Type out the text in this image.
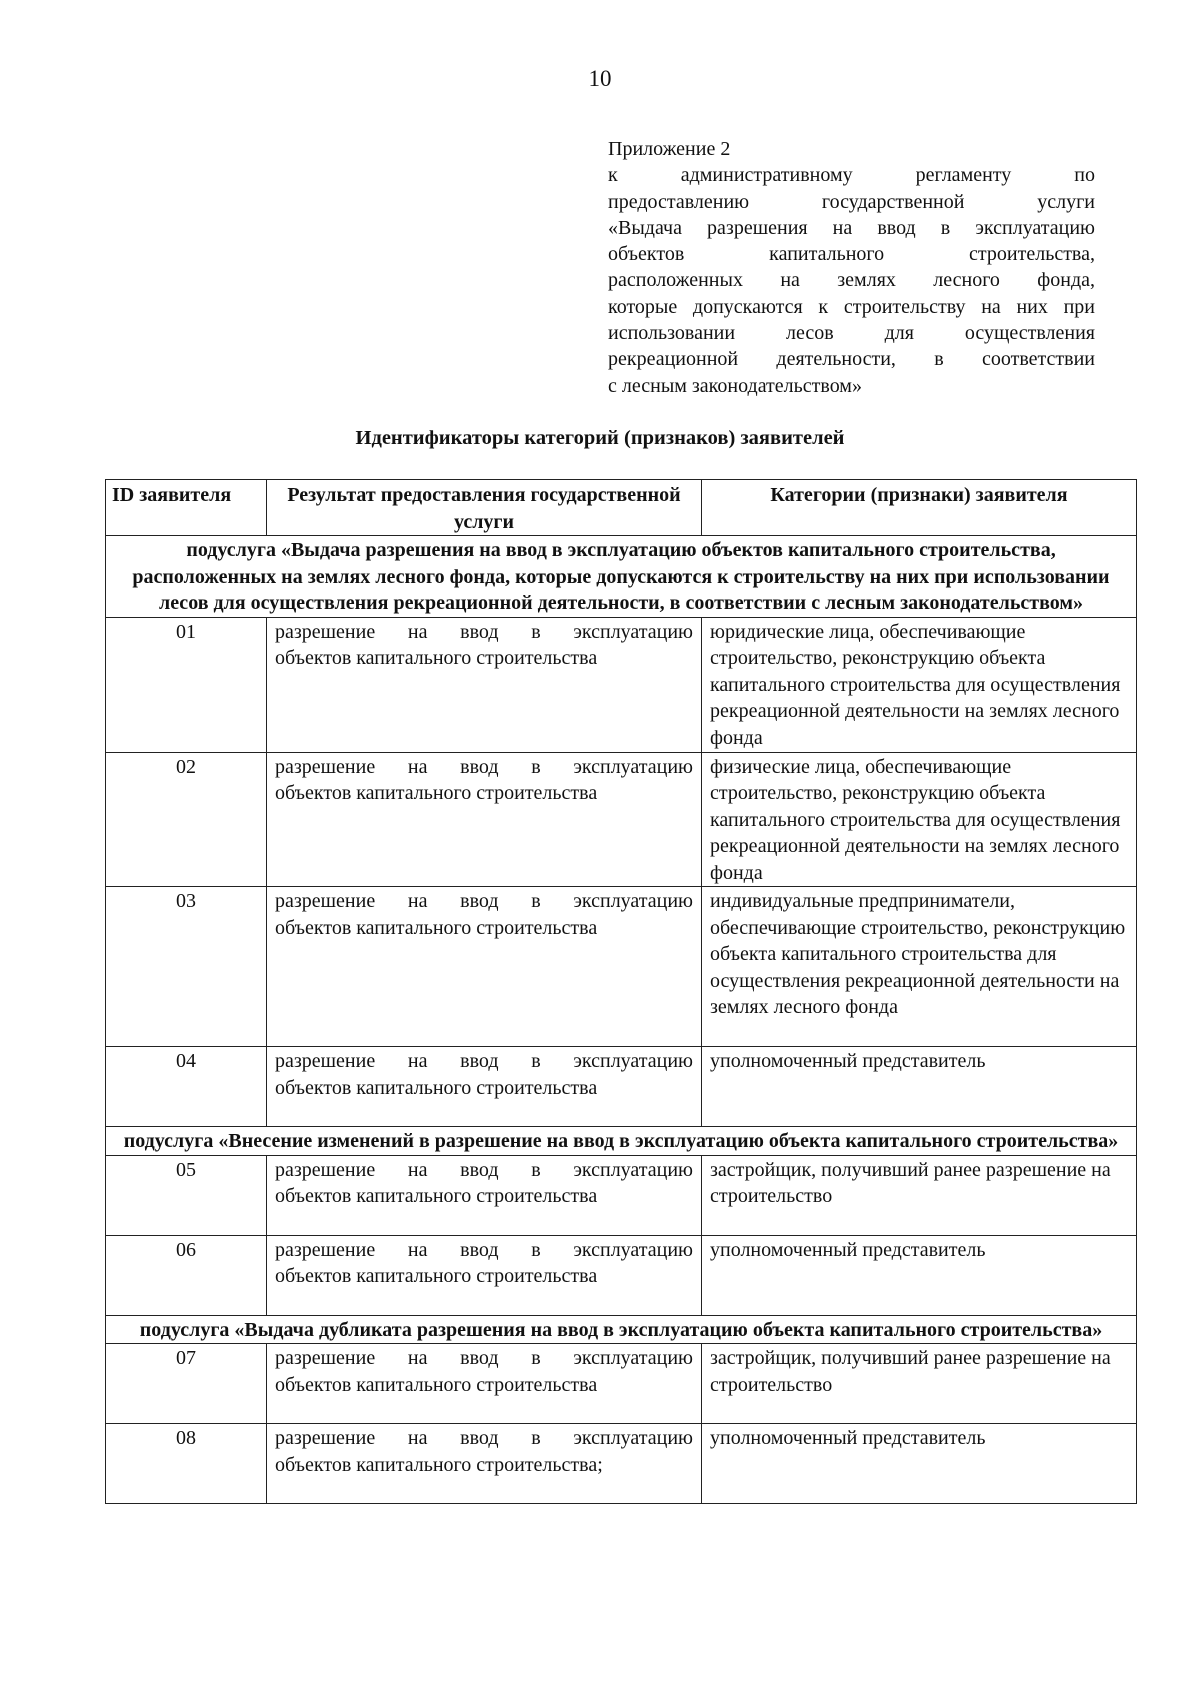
10
Приложение 2
к административному регламенту по
предоставлению государственной услуги
«Выдача разрешения на ввод в эксплуатацию
объектов капитального строительства,
расположенных на землях лесного фонда,
которые допускаются к строительству на них при
использовании лесов для осуществления
рекреационной деятельности, в соответствии
с лесным законодательством»
Идентификаторы категорий (признаков) заявителей
ID заявителя	Результат предоставления государственной услуги	Категории (признаки) заявителя
подуслуга «Выдача разрешения на ввод в эксплуатацию объектов капитального строительства, расположенных на землях лесного фонда, которые допускаются к строительству на них при использовании лесов для осуществления рекреационной деятельности, в соответствии с лесным законодательством»		
01	разрешение на ввод в эксплуатацию
объектов капитального строительства	юридические лица, обеспечивающие строительство, реконструкцию объекта капитального строительства для осуществления рекреационной деятельности на землях лесного фонда
02	разрешение на ввод в эксплуатацию
объектов капитального строительства	физические лица, обеспечивающие строительство, реконструкцию объекта капитального строительства для осуществления рекреационной деятельности на землях лесного фонда
03	разрешение на ввод в эксплуатацию
объектов капитального строительства	индивидуальные предприниматели, обеспечивающие строительство, реконструкцию объекта капитального строительства для осуществления рекреационной деятельности на землях лесного фонда
04	разрешение на ввод в эксплуатацию
объектов капитального строительства	уполномоченный представитель
подуслуга «Внесение изменений в разрешение на ввод в эксплуатацию объекта капитального строительства»		
05	разрешение на ввод в эксплуатацию
объектов капитального строительства	застройщик, получивший ранее разрешение на строительство
06	разрешение на ввод в эксплуатацию
объектов капитального строительства	уполномоченный представитель
подуслуга «Выдача дубликата разрешения на ввод в эксплуатацию объекта капитального строительства»		
07	разрешение на ввод в эксплуатацию
объектов капитального строительства	застройщик, получивший ранее разрешение на строительство
08	разрешение на ввод в эксплуатацию
объектов капитального строительства;	уполномоченный представитель
